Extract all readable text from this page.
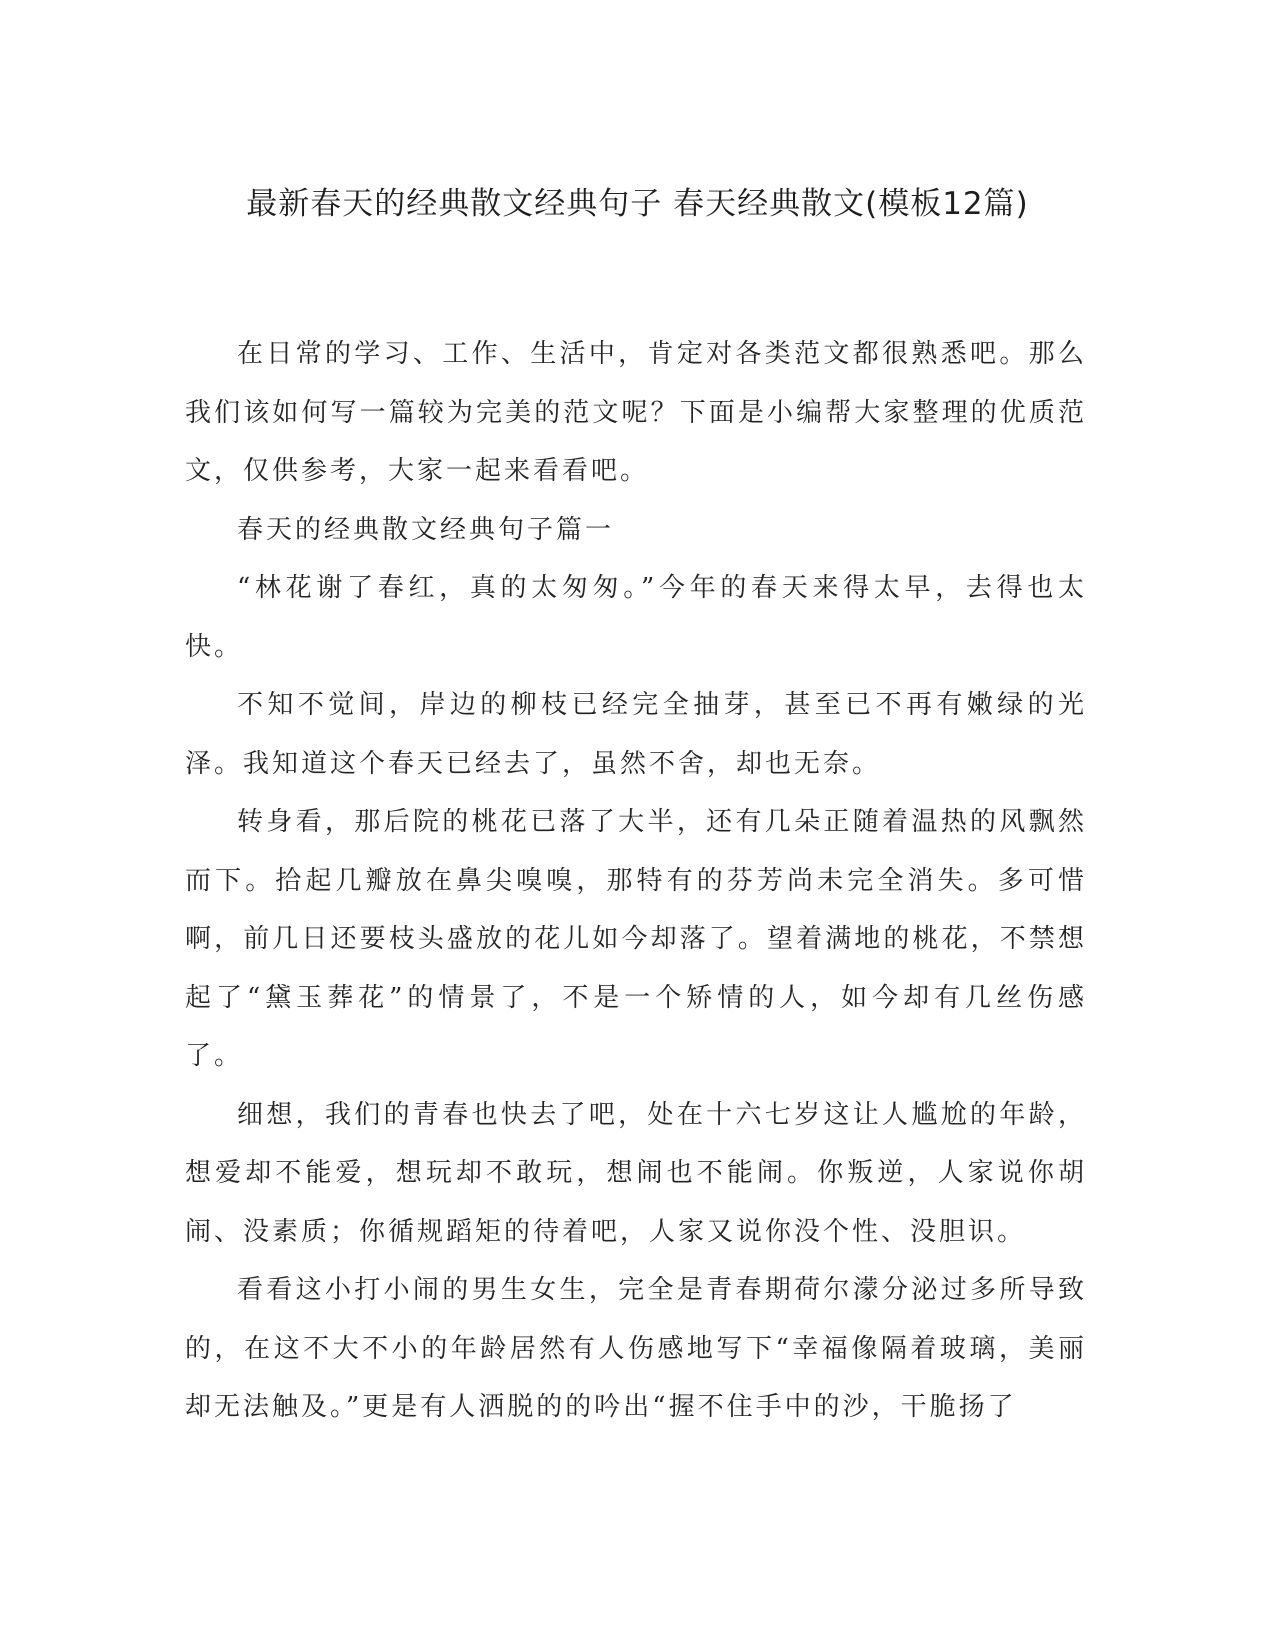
最新春天的经典散文经典句子 春天经典散文(模板12篇)

在日常的学习、工作、生活中，肯定对各类范文都很熟悉吧。那么我们该如何写一篇较为完美的范文呢？下面是小编帮大家整理的优质范文，仅供参考，大家一起来看看吧。

春天的经典散文经典句子篇一

“林花谢了春红，真的太匆匆。”今年的春天来得太早，去得也太快。

不知不觉间，岸边的柳枝已经完全抽芽，甚至已不再有嫩绿的光泽。我知道这个春天已经去了，虽然不舍，却也无奈。

转身看，那后院的桃花已落了大半，还有几朵正随着温热的风飘然而下。拾起几瓣放在鼻尖嗅嗅，那特有的芬芳尚未完全消失。多可惜啊，前几日还要枝头盛放的花儿如今却落了。望着满地的桃花，不禁想起了“黛玉葬花”的情景了，不是一个矫情的人，如今却有几丝伤感了。

细想，我们的青春也快去了吧，处在十六七岁这让人尴尬的年龄，想爱却不能爱，想玩却不敢玩，想闹也不能闹。你叛逆，人家说你胡闹、没素质；你循规蹈矩的待着吧，人家又说你没个性、没胆识。

看看这小打小闹的男生女生，完全是青春期荷尔濛分泌过多所导致的，在这不大不小的年龄居然有人伤感地写下“幸福像隔着玻璃，美丽却无法触及。”更是有人洒脱的的吟出“握不住手中的沙，干脆扬了
